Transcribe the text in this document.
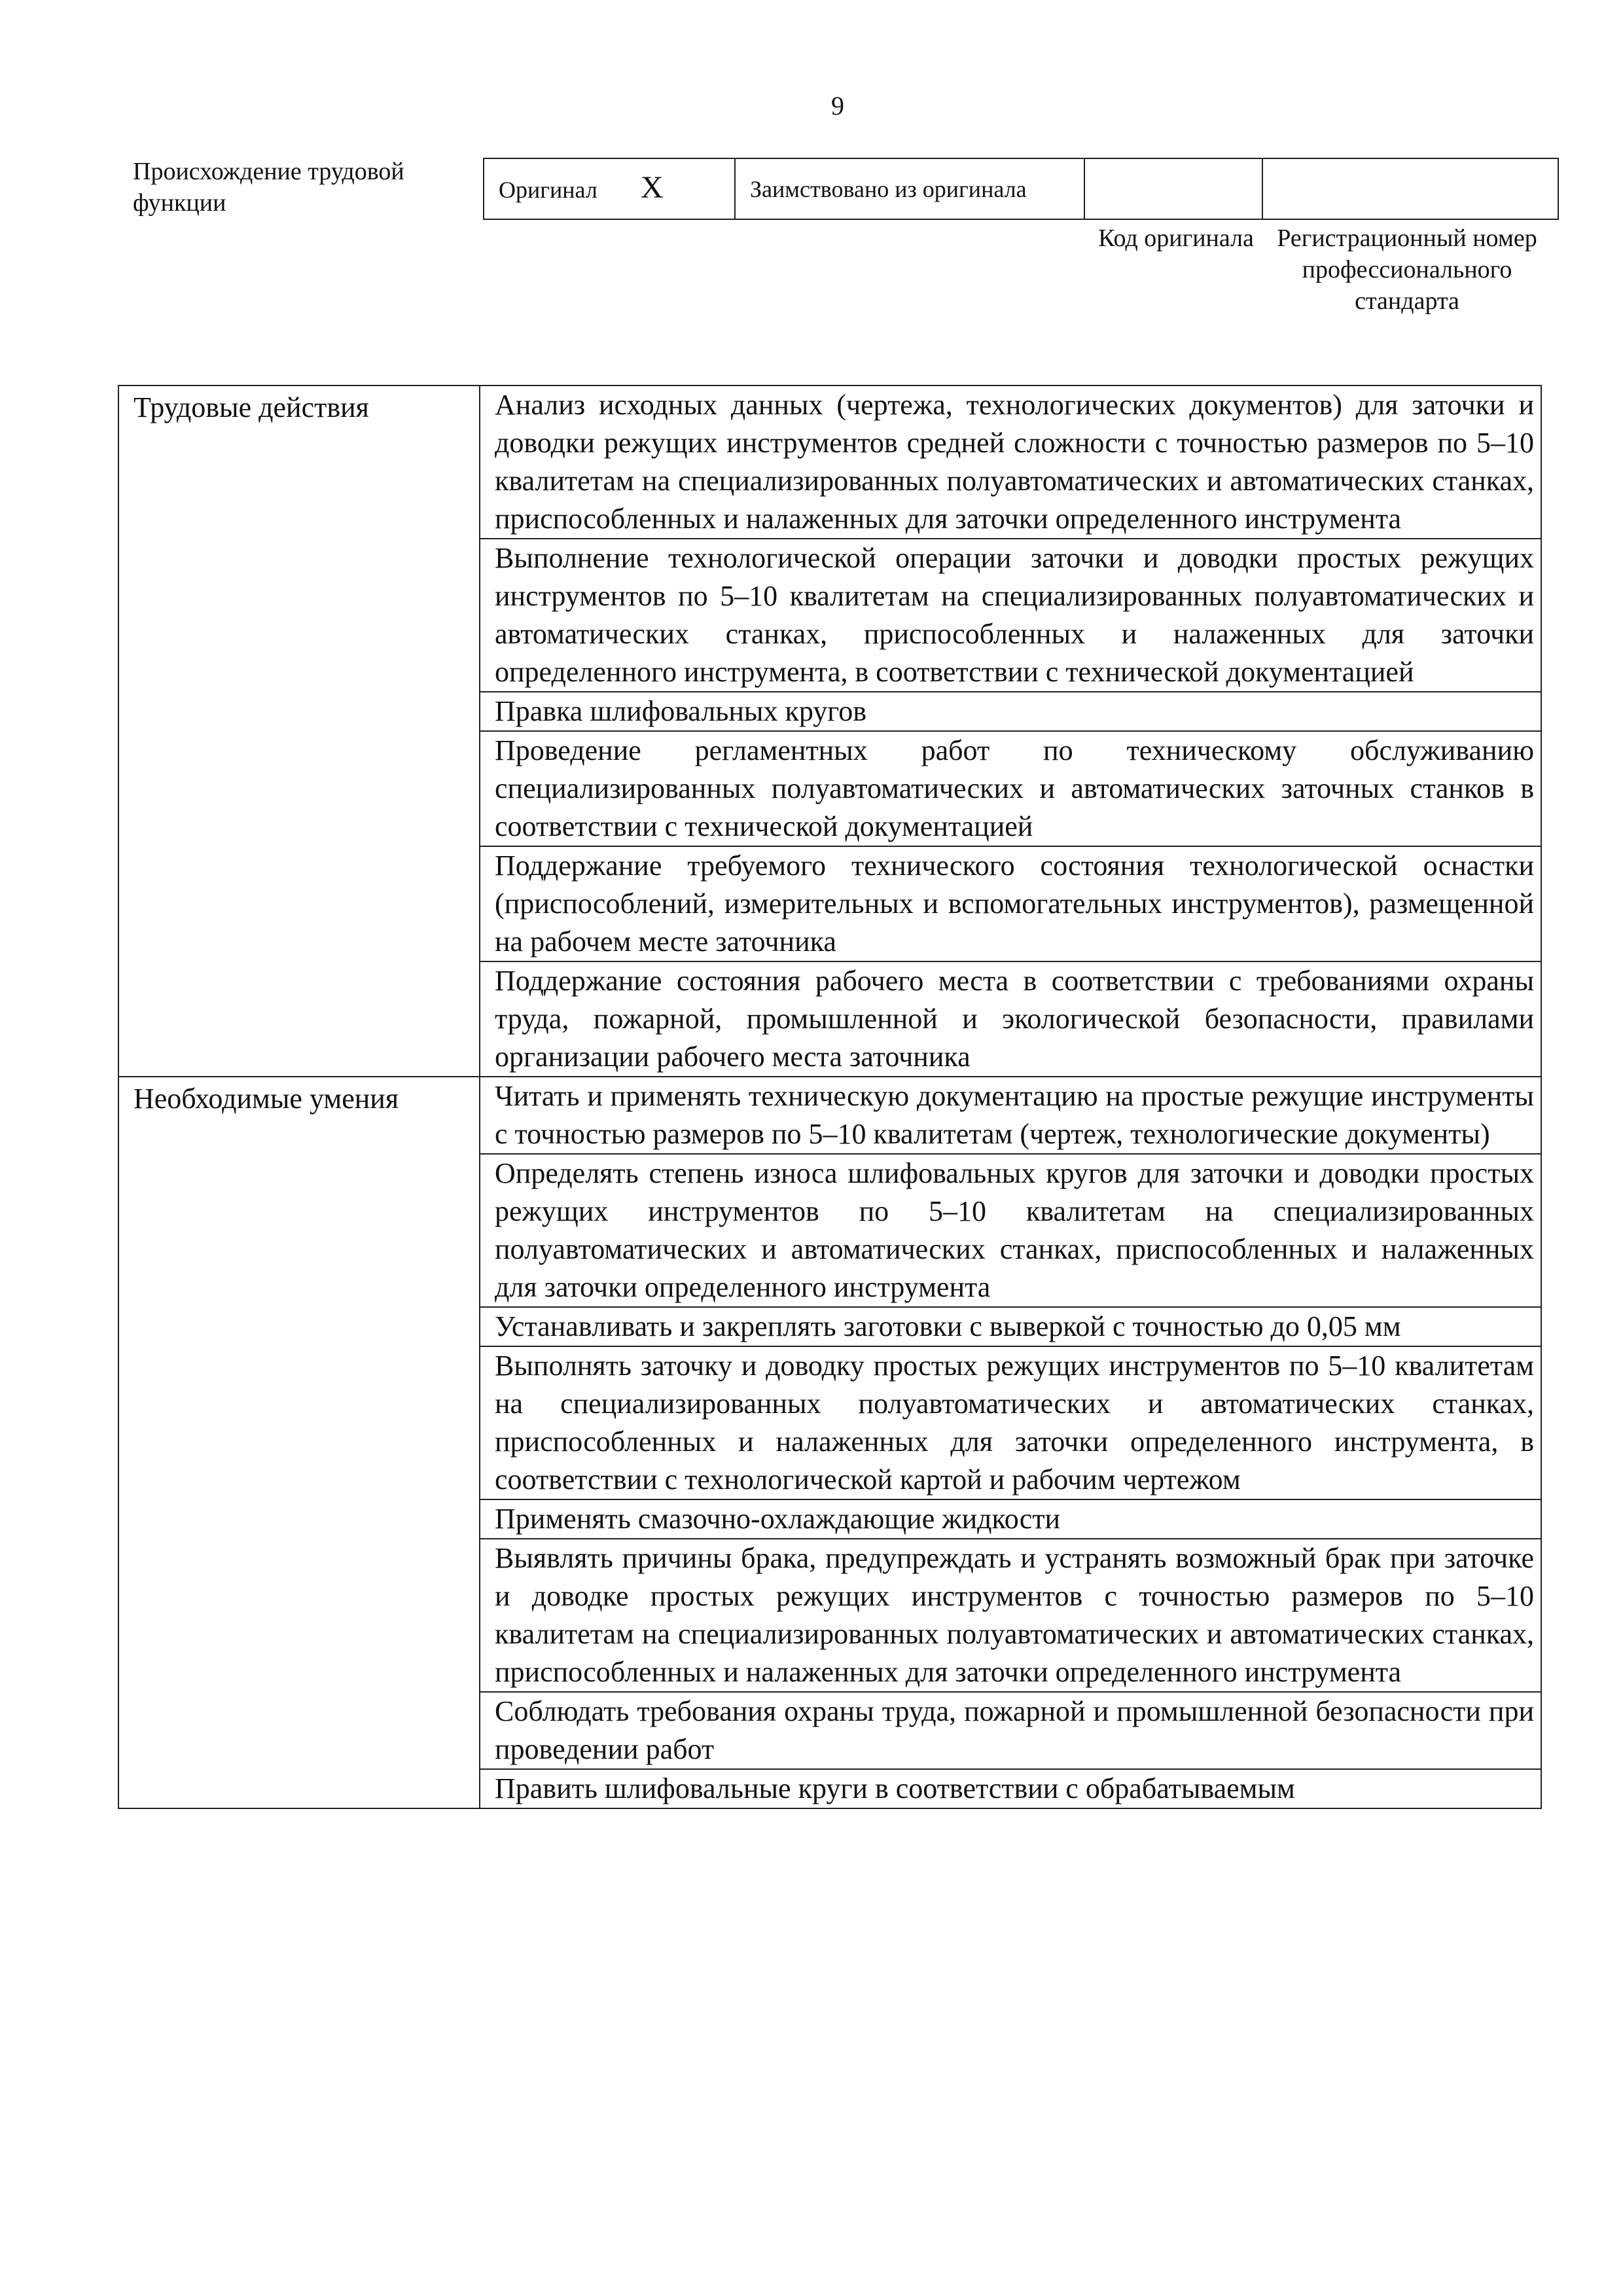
9
Происхождение трудовой функции	Оригинал X	Заимствовано из оригинала		
Код оригинала Регистрационный номер профессионального стандарта
Трудовые действия	Анализ исходных данных (чертежа, технологических документов) для заточки и доводки режущих инструментов средней сложности с точностью размеров по 5–10 квалитетам на специализированных полуавтоматических и автоматических станках, приспособленных и налаженных для заточки определенного инструмента
	Выполнение технологической операции заточки и доводки простых режущих инструментов по 5–10 квалитетам на специализированных полуавтоматических и автоматических станках, приспособленных и налаженных для заточки определенного инструмента, в соответствии с технической документацией
	Правка шлифовальных кругов
	Проведение регламентных работ по техническому обслуживанию специализированных полуавтоматических и автоматических заточных станков в соответствии с технической документацией
	Поддержание требуемого технического состояния технологической оснастки (приспособлений, измерительных и вспомогательных инструментов), размещенной на рабочем месте заточника
	Поддержание состояния рабочего места в соответствии с требованиями охраны труда, пожарной, промышленной и экологической безопасности, правилами организации рабочего места заточника
Необходимые умения	Читать и применять техническую документацию на простые режущие инструменты с точностью размеров по 5–10 квалитетам (чертеж, технологические документы)
	Определять степень износа шлифовальных кругов для заточки и доводки простых режущих инструментов по 5–10 квалитетам на специализированных полуавтоматических и автоматических станках, приспособленных и налаженных для заточки определенного инструмента
	Устанавливать и закреплять заготовки с выверкой с точностью до 0,05 мм
	Выполнять заточку и доводку простых режущих инструментов по 5–10 квалитетам на специализированных полуавтоматических и автоматических станках, приспособленных и налаженных для заточки определенного инструмента, в соответствии с технологической картой и рабочим чертежом
	Применять смазочно-охлаждающие жидкости
	Выявлять причины брака, предупреждать и устранять возможный брак при заточке и доводке простых режущих инструментов с точностью размеров по 5–10 квалитетам на специализированных полуавтоматических и автоматических станках, приспособленных и налаженных для заточки определенного инструмента
	Соблюдать требования охраны труда, пожарной и промышленной безопасности при проведении работ
	Править шлифовальные круги в соответствии с обрабатываемым
